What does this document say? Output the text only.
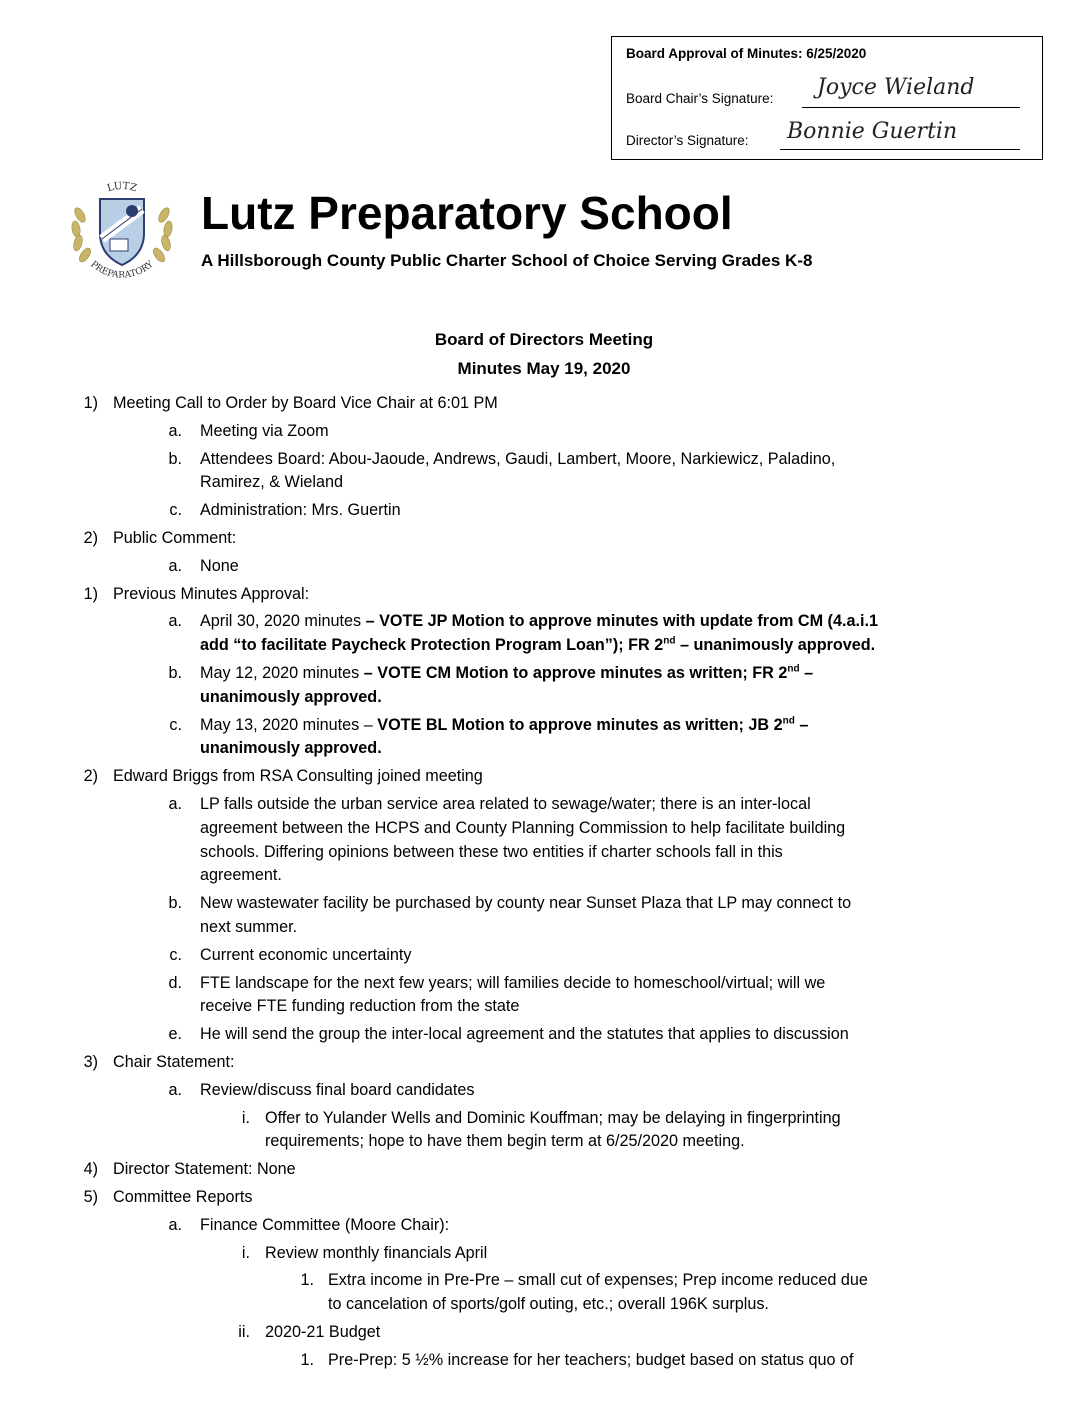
Board Approval of Minutes: 6/25/2020
Board Chair’s Signature: Joyce Wieland
Director’s Signature: Bonnie Guertin
LUTZ
PREPARATORY
Lutz Preparatory School
A Hillsborough County Public Charter School of Choice Serving Grades K-8
Board of Directors Meeting
Minutes May 19, 2020
1) Meeting Call to Order by Board Vice Chair at 6:01 PM
a. Meeting via Zoom
b. Attendees Board: Abou-Jaoude, Andrews, Gaudi, Lambert, Moore, Narkiewicz, Paladino,
Ramirez, & Wieland
c. Administration: Mrs. Guertin
2) Public Comment:
a. None
1) Previous Minutes Approval:
a. April 30, 2020 minutes – VOTE JP Motion to approve minutes with update from CM (4.a.i.1
add “to facilitate Paycheck Protection Program Loan”); FR 2nd – unanimously approved.
b. May 12, 2020 minutes – VOTE CM Motion to approve minutes as written; FR 2nd –
unanimously approved.
c. May 13, 2020 minutes – VOTE BL Motion to approve minutes as written; JB 2nd –
unanimously approved.
2) Edward Briggs from RSA Consulting joined meeting
a. LP falls outside the urban service area related to sewage/water; there is an inter-local
agreement between the HCPS and County Planning Commission to help facilitate building
schools. Differing opinions between these two entities if charter schools fall in this
agreement.
b. New wastewater facility be purchased by county near Sunset Plaza that LP may connect to
next summer.
c. Current economic uncertainty
d. FTE landscape for the next few years; will families decide to homeschool/virtual; will we
receive FTE funding reduction from the state
e. He will send the group the inter-local agreement and the statutes that applies to discussion
3) Chair Statement:
a. Review/discuss final board candidates
i. Offer to Yulander Wells and Dominic Kouffman; may be delaying in fingerprinting
requirements; hope to have them begin term at 6/25/2020 meeting.
4) Director Statement: None
5) Committee Reports
a. Finance Committee (Moore Chair):
i. Review monthly financials April
1. Extra income in Pre-Pre – small cut of expenses; Prep income reduced due
to cancelation of sports/golf outing, etc.; overall 196K surplus.
ii. 2020-21 Budget
1. Pre-Prep: 5 ½% increase for her teachers; budget based on status quo of
